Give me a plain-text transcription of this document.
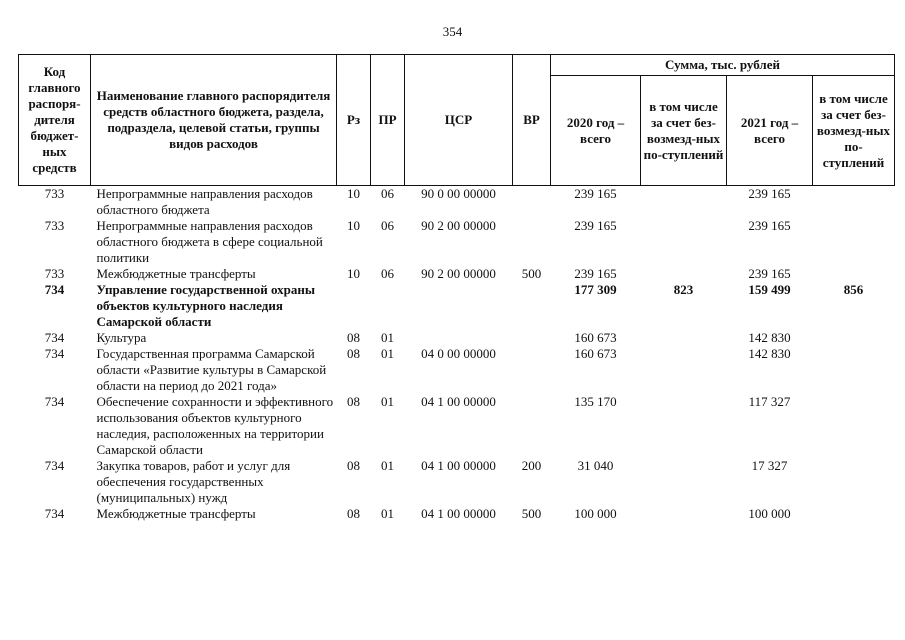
354
Код главного распоря-дителя бюджет-ных средств	Наименование главного распорядителя средств областного бюджета, раздела, подраздела, целевой статьи, группы видов расходов	Рз	ПР	ЦСР	ВР	Сумма, тыс. рублей			
						2020 год – всего	в том числе за счет без-возмезд-ных по-ступлений	2021 год – всего	в том числе за счет без-возмезд-ных по-ступлений
733	Непрограммные направления расходов областного бюджета	10	06	90 0 00 00000		239 165		239 165	
733	Непрограммные направления расходов областного бюджета в сфере социальной политики	10	06	90 2 00 00000		239 165		239 165	
733	Межбюджетные трансферты	10	06	90 2 00 00000	500	239 165		239 165	
734	Управление государственной охраны объектов культурного наследия Самарской области					177 309	823	159 499	856
734	Культура	08	01			160 673		142 830	
734	Государственная программа Самарской области «Развитие культуры в Самарской области на период до 2021 года»	08	01	04 0 00 00000		160 673		142 830	
734	Обеспечение сохранности и эффективного использования объектов культурного наследия, расположенных на территории Самарской области	08	01	04 1 00 00000		135 170		117 327	
734	Закупка товаров, работ и услуг для обеспечения государственных (муниципальных) нужд	08	01	04 1 00 00000	200	31 040		17 327	
734	Межбюджетные трансферты	08	01	04 1 00 00000	500	100 000		100 000	
